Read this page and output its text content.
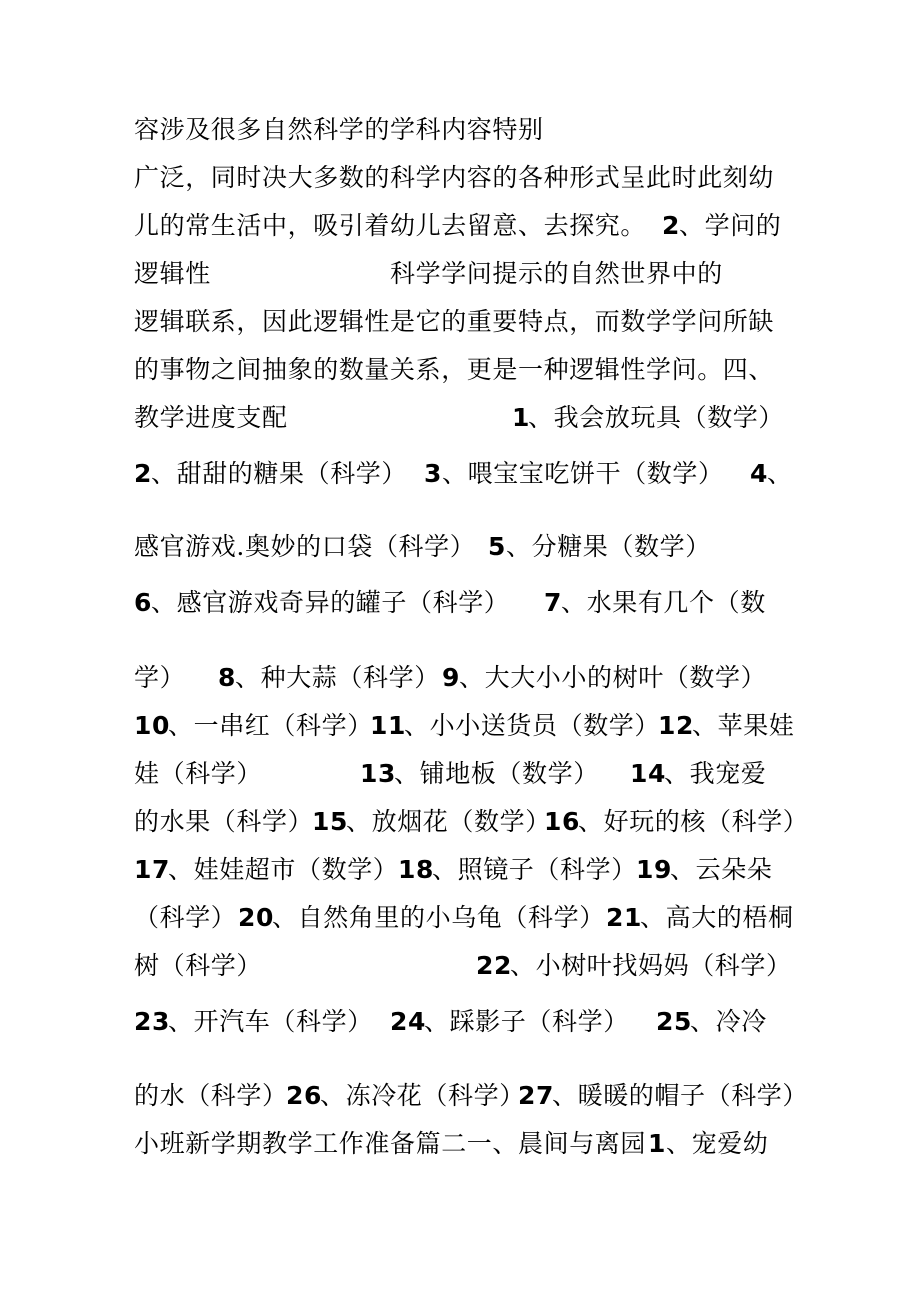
容涉及很多自然科学的学科内容特别
广泛，同时决大多数的科学内容的各种形式呈此时此刻幼
儿的常生活中，吸引着幼儿去留意、去探究。 2 、学问的
逻辑性	科学学问提示的自然世界中的
逻辑联系，因此逻辑性是它的重要特点，而数学学问所缺
的事物之间抽象的数量关系，更是一种逻辑性学问。四、
教学进度支配	1
、我会放玩具（数学）
2 、甜甜的糖果（科学） 3 、喂宝宝吃饼干（数学） 4 、
感官游戏.奥妙的口袋（科学） 5 、分糖果（数学）
6 、感官游戏奇异的罐子（科学） 7 、水果有几个（数
学） 8 、种大蒜（科学） 9 、大大小小的树叶（数学）
10
、一串红（科学）
11
、小小送货员（数学）
12
、苹果娃
娃（科学）	13
、铺地板（数学） 14
、我宠爱
的水果（科学）
15
、放烟花（数学）
16
、好玩的核（科学）
17
、娃娃超市（数学） 18
、照镜子（科学） 19
、云朵朵
（科学） 20
、自然角里的小乌龟（科学） 21
、高大的梧桐
树（科学）	22
、小树叶找妈妈（科学）
23
、开汽车（科学） 24
、踩影子（科学） 25
、冷冷
的水（科学）
26
、冻冷花（科学）
27
、暖暖的帽子（科学）
小班新学期教学工作准备篇二一、晨间与离园 1 、宠爱幼
